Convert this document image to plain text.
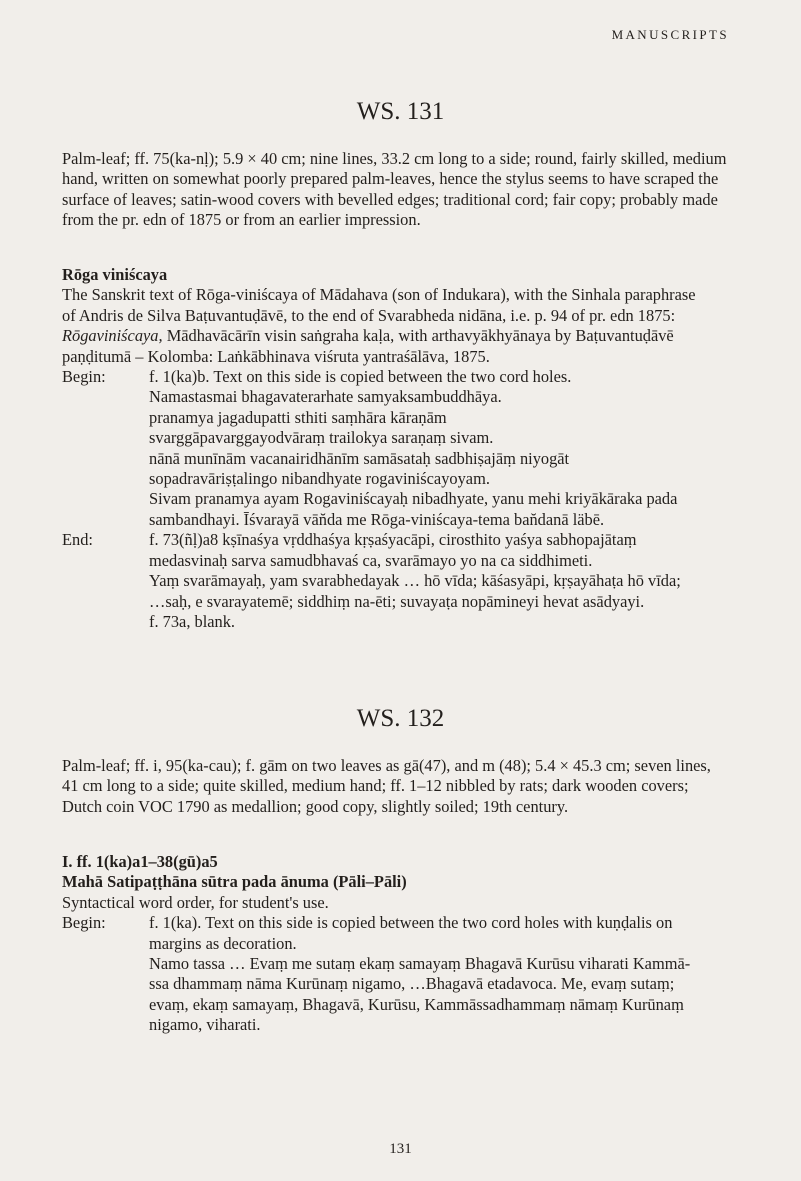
MANUSCRIPTS
WS. 131
Palm-leaf; ff. 75(ka-nḷ); 5.9 × 40 cm; nine lines, 33.2 cm long to a side; round, fairly skilled, medium
hand, written on somewhat poorly prepared palm-leaves, hence the stylus seems to have scraped the
surface of leaves; satin-wood covers with bevelled edges; traditional cord; fair copy; probably made
from the pr. edn of 1875 or from an earlier impression.
Rōga viniścaya
The Sanskrit text of Rōga-viniścaya of Mādahava (son of Indukara), with the Sinhala paraphrase
of Andris de Silva Baṭuvantuḍāvē, to the end of Svarabheda nidāna, i.e. p. 94 of pr. edn 1875:
Rōgaviniścaya, Mādhavācārīn visin saṅgraha kaḷa, with arthavyākhyānaya by Baṭuvantuḍāvē
paṇḍitumā – Kolomba: Laṅkābhinava viśruta yantraśālāva, 1875.
Begin:	f. 1(ka)b. Text on this side is copied between the two cord holes.
Namastasmai bhagavaterarhate samyaksambuddhāya.
pranamya jagadupatti sthiti saṃhāra kāraṇām
svarggāpavarggayodvāraṃ trailokya saraṇaṃ sivam.
nānā munīnām vacanairidhānīm samāsataḥ sadbhiṣajāṃ niyogāt
sopadravāriṣṭalingo nibandhyate rogaviniścayoyam.
Sivam pranamya ayam Rogaviniścayaḥ nibadhyate, yanu mehi kriyākāraka pada
sambandhayi. Īśvarayā vān̆da me Rōga-viniścaya-tema ban̆danā läbē.
End:	f. 73(ñḷ)a8 kṣīnaśya vṛddhaśya kṛṣaśyacāpi, cirosthito yaśya sabhopajātaṃ
medasvinaḥ sarva samudbhavaś ca, svarāmayo yo na ca siddhimeti.
Yaṃ svarāmayaḥ, yam svarabhedayak … hō vīda; kāśasyāpi, kṛṣayāhaṭa hō vīda;
…saḥ, e svarayatemē; siddhiṃ na-ēti; suvayaṭa nopāmineyi hevat asādyayi.
f. 73a, blank.
WS. 132
Palm-leaf; ff. i, 95(ka-cau); f. gām on two leaves as gā(47), and m (48); 5.4 × 45.3 cm; seven lines,
41 cm long to a side; quite skilled, medium hand; ff. 1–12 nibbled by rats; dark wooden covers;
Dutch coin VOC 1790 as medallion; good copy, slightly soiled; 19th century.
I. ff. 1(ka)a1–38(gū)a5
Mahā Satipaṭṭhāna sūtra pada ānuma (Pāli–Pāli)
Syntactical word order, for student's use.
Begin:	f. 1(ka). Text on this side is copied between the two cord holes with kuṇḍalis on
margins as decoration.
Namo tassa … Evaṃ me sutaṃ ekaṃ samayaṃ Bhagavā Kurūsu viharati Kammā-
ssa dhammaṃ nāma Kurūnaṃ nigamo, …Bhagavā etadavoca. Me, evaṃ sutaṃ;
evaṃ, ekaṃ samayaṃ, Bhagavā, Kurūsu, Kammāssadhammaṃ nāmaṃ Kurūnaṃ
nigamo, viharati.
131
